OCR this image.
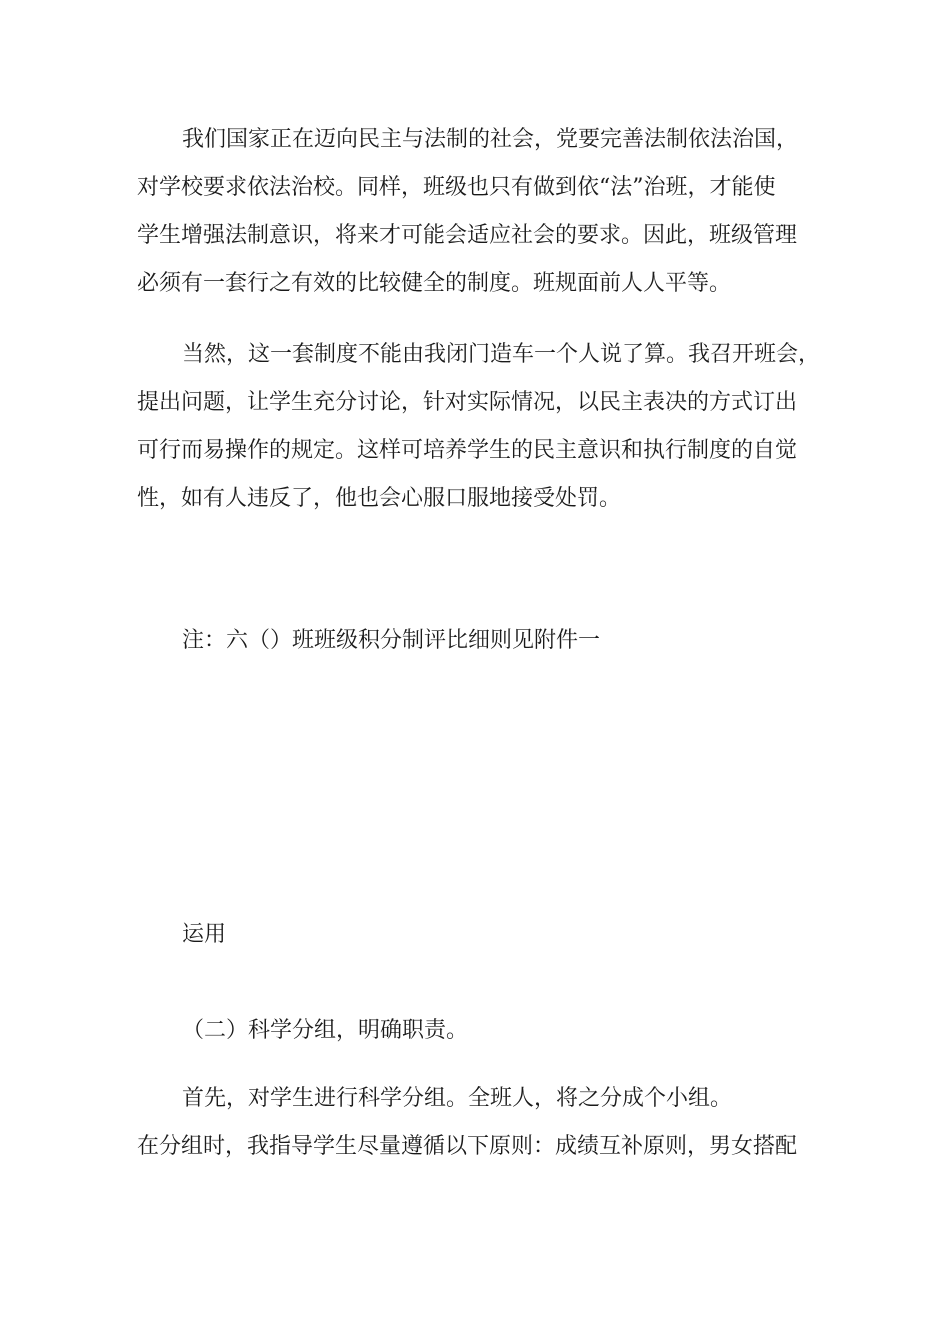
我们国家正在迈向民主与法制的社会，党要完善法制依法治国，

对学校要求依法治校。同样，班级也只有做到依“法”治班，才能使

学生增强法制意识，将来才可能会适应社会的要求。因此，班级管理

必须有一套行之有效的比较健全的制度。班规面前人人平等。

当然，这一套制度不能由我闭门造车一个人说了算。我召开班会，

提出问题，让学生充分讨论，针对实际情况，以民主表决的方式订出

可行而易操作的规定。这样可培养学生的民主意识和执行制度的自觉

性，如有人违反了，他也会心服口服地接受处罚。

注：六（）班班级积分制评比细则见附件一

运用

（二）科学分组，明确职责。

首先，对学生进行科学分组。全班人，将之分成个小组。

在分组时，我指导学生尽量遵循以下原则：成绩互补原则，男女搭配
